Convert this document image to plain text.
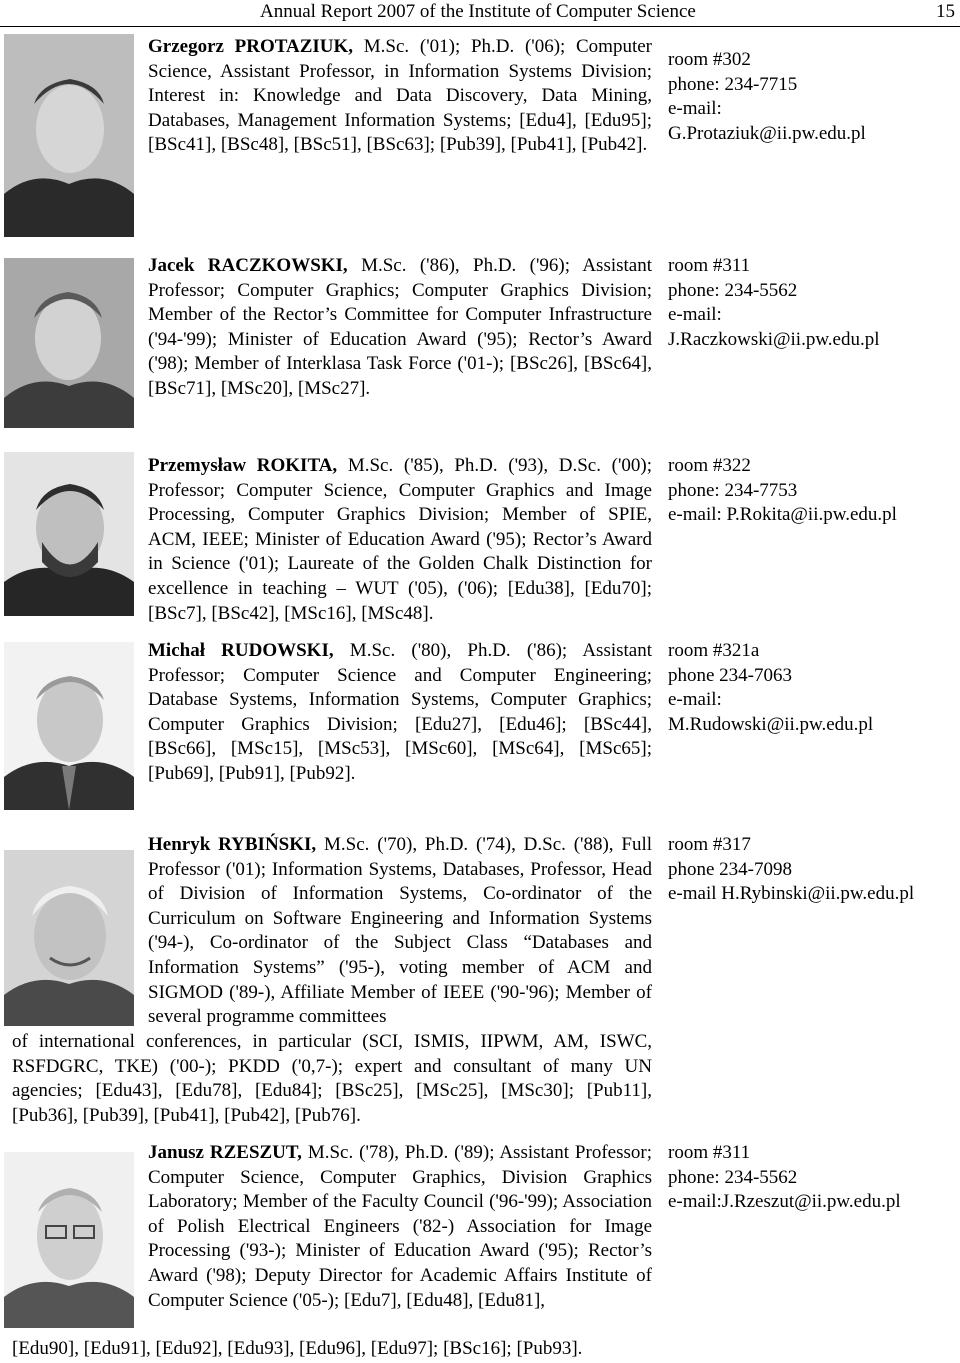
Annual Report 2007 of the Institute of Computer Science	15

Grzegorz PROTAZIUK, M.Sc. ('01); Ph.D. ('06); Computer Science, Assistant Professor, in Information Systems Division; Interest in: Knowledge and Data Discovery, Data Mining, Databases, Management Information Systems; [Edu4], [Edu95]; [BSc41], [BSc48], [BSc51], [BSc63]; [Pub39], [Pub41], [Pub42].

room #302
phone: 234-7715
e-mail:
G.Protaziuk@ii.pw.edu.pl

Jacek RACZKOWSKI, M.Sc. ('86), Ph.D. ('96); Assistant Professor; Computer Graphics; Computer Graphics Division; Member of the Rector’s Committee for Computer Infrastructure ('94-'99); Minister of Education Award ('95); Rector’s Award ('98); Member of Interklasa Task Force ('01-); [BSc26], [BSc64], [BSc71], [MSc20], [MSc27].

room #311
phone: 234-5562
e-mail:
J.Raczkowski@ii.pw.edu.pl

Przemysław ROKITA, M.Sc. ('85), Ph.D. ('93), D.Sc. ('00); Professor; Computer Science, Computer Graphics and Image Processing, Computer Graphics Division; Member of SPIE, ACM, IEEE; Minister of Education Award ('95); Rector’s Award in Science ('01); Laureate of the Golden Chalk Distinction for excellence in teaching – WUT ('05), ('06); [Edu38], [Edu70]; [BSc7], [BSc42], [MSc16], [MSc48].

room #322
phone: 234-7753
e-mail: P.Rokita@ii.pw.edu.pl

Michał RUDOWSKI, M.Sc. ('80), Ph.D. ('86); Assistant Professor; Computer Science and Computer Engineering; Database Systems, Information Systems, Computer Graphics; Computer Graphics Division; [Edu27], [Edu46]; [BSc44], [BSc66], [MSc15], [MSc53], [MSc60], [MSc64], [MSc65]; [Pub69], [Pub91], [Pub92].

room #321a
phone 234-7063
e-mail:
M.Rudowski@ii.pw.edu.pl

Henryk RYBIŃSKI, M.Sc. ('70), Ph.D. ('74), D.Sc. ('88), Full Professor ('01); Information Systems, Databases, Professor, Head of Division of Information Systems, Co-ordinator of the Curriculum on Software Engineering and Information Systems ('94-), Co-ordinator of the Subject Class “Databases and Information Systems” ('95-), voting member of ACM and SIGMOD ('89-), Affiliate Member of IEEE ('90-'96); Member of several programme committees

of international conferences, in particular (SCI, ISMIS, IIPWM, AM, ISWC, RSFDGRC, TKE) ('00-); PKDD ('0,7-); expert and consultant of many UN agencies; [Edu43], [Edu78], [Edu84]; [BSc25], [MSc25], [MSc30]; [Pub11], [Pub36], [Pub39], [Pub41], [Pub42], [Pub76].

room #317
phone 234-7098
e-mail H.Rybinski@ii.pw.edu.pl

Janusz RZESZUT, M.Sc. ('78), Ph.D. ('89); Assistant Professor; Computer Science, Computer Graphics, Division Graphics Laboratory; Member of the Faculty Council ('96-'99); Association of Polish Electrical Engineers ('82-) Association for Image Processing ('93-); Minister of Education Award ('95); Rector’s Award ('98); Deputy Director for Academic Affairs Institute of Computer Science ('05-); [Edu7], [Edu48], [Edu81],

[Edu90], [Edu91], [Edu92], [Edu93], [Edu96], [Edu97]; [BSc16]; [Pub93].
room #311
phone: 234-5562
e-mail:J.Rzeszut@ii.pw.edu.pl
